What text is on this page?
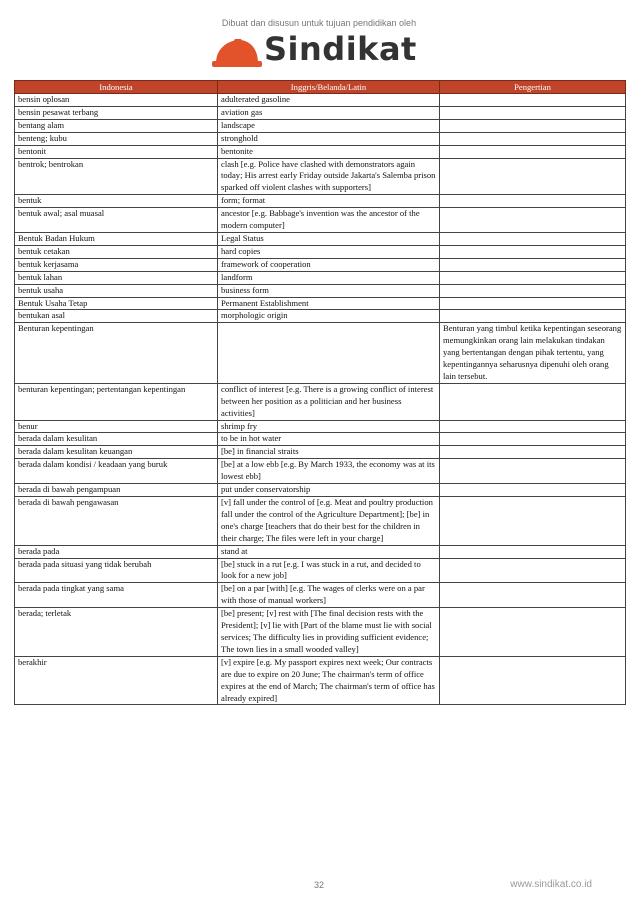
Dibuat dan disusun untuk tujuan pendidikan oleh
Sindikat
Indonesia	Inggris/Belanda/Latin	Pengertian
bensin oplosan	adulterated gasoline	
bensin pesawat terbang	aviation gas	
bentang alam	landscape	
benteng; kubu	stronghold	
bentonit	bentonite	
bentrok; bentrokan	clash [e.g. Police have clashed with demonstrators again today; His arrest early Friday outside Jakarta's Salemba prison sparked off violent clashes with supporters]	
bentuk	form; format	
bentuk awal; asal muasal	ancestor [e.g. Babbage's invention was the ancestor of the modern computer]	
Bentuk Badan Hukum	Legal Status	
bentuk cetakan	hard copies	
bentuk kerjasama	framework of cooperation	
bentuk lahan	landform	
bentuk usaha	business form	
Bentuk Usaha Tetap	Permanent Establishment	
bentukan asal	morphologic origin	
Benturan kepentingan		Benturan yang timbul ketika kepentingan seseorang memungkinkan orang lain melakukan tindakan yang bertentangan dengan pihak tertentu, yang kepentingannya seharusnya dipenuhi oleh orang lain tersebut.
benturan kepentingan; pertentangan kepentingan	conflict of interest [e.g. There is a growing conflict of interest between her position as a politician and her business activities]	
benur	shrimp fry	
berada dalam kesulitan	to be in hot water	
berada dalam kesulitan keuangan	[be] in financial straits	
berada dalam kondisi / keadaan yang buruk	[be] at a low ebb [e.g. By March 1933, the economy was at its lowest ebb]	
berada di bawah pengampuan	put under conservatorship	
berada di bawah pengawasan	[v] fall under the control of [e.g. Meat and poultry production fall under the control of the Agriculture Department]; [be] in one's charge [teachers that do their best for the children in their charge; The files were left in your charge]	
berada pada	stand at	
berada pada situasi yang tidak berubah	[be] stuck in a rut [e.g. I was stuck in a rut, and decided to look for a new job]	
berada pada tingkat yang sama	[be] on a par [with] [e.g. The wages of clerks were on a par with those of manual workers]	
berada; terletak	[be] present; [v] rest with [The final decision rests with the President]; [v] lie with [Part of the blame must lie with social services; The difficulty lies in providing sufficient evidence; The town lies in a small wooded valley]	
berakhir	[v] expire [e.g. My passport expires next week; Our contracts are due to expire on 20 June; The chairman's term of office expires at the end of March; The chairman's term of office has already expired]	
32	www.sindikat.co.id
